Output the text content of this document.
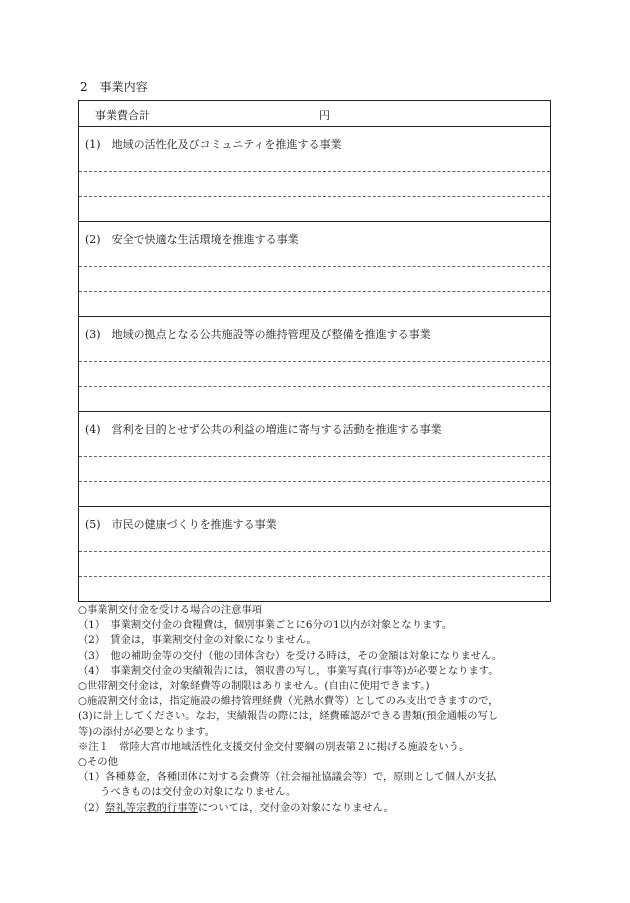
2　事業内容
事業費合計	円
(1)　地域の活性化及びコミュニティを推進する事業
(2)　安全で快適な生活環境を推進する事業
(3)　地域の拠点となる公共施設等の維持管理及び整備を推進する事業
(4)　営利を目的とせず公共の利益の増進に寄与する活動を推進する事業
(5)　市民の健康づくりを推進する事業

○事業割交付金を受ける場合の注意事項

（1）　事業割交付金の食糧費は，個別事業ごとに6分の1以内が対象となります。

（2）　賃金は，事業割交付金の対象になりません。

（3）　他の補助金等の交付（他の団体含む）を受ける時は，その金額は対象になりません。

（4）　事業割交付金の実績報告には，領収書の写し，事業写真(行事等)が必要となります。

○世帯割交付金は，対象経費等の制限はありません。(自由に使用できます。)

○施設割交付金は，指定施設の維持管理経費（光熱水費等）としてのみ支出できますので，

(3)に計上してください。なお，実績報告の際には，経費確認ができる書類(預金通帳の写し

等)の添付が必要となります。

※注１　常陸大宮市地域活性化支援交付金交付要綱の別表第２に掲げる施設をいう。

○その他

（1）各種募金，各種団体に対する会費等（社会福祉協議会等）で，原則として個人が支払

うべきものは交付金の対象になりません。

（2）祭礼等宗教的行事等については，交付金の対象になりません。
